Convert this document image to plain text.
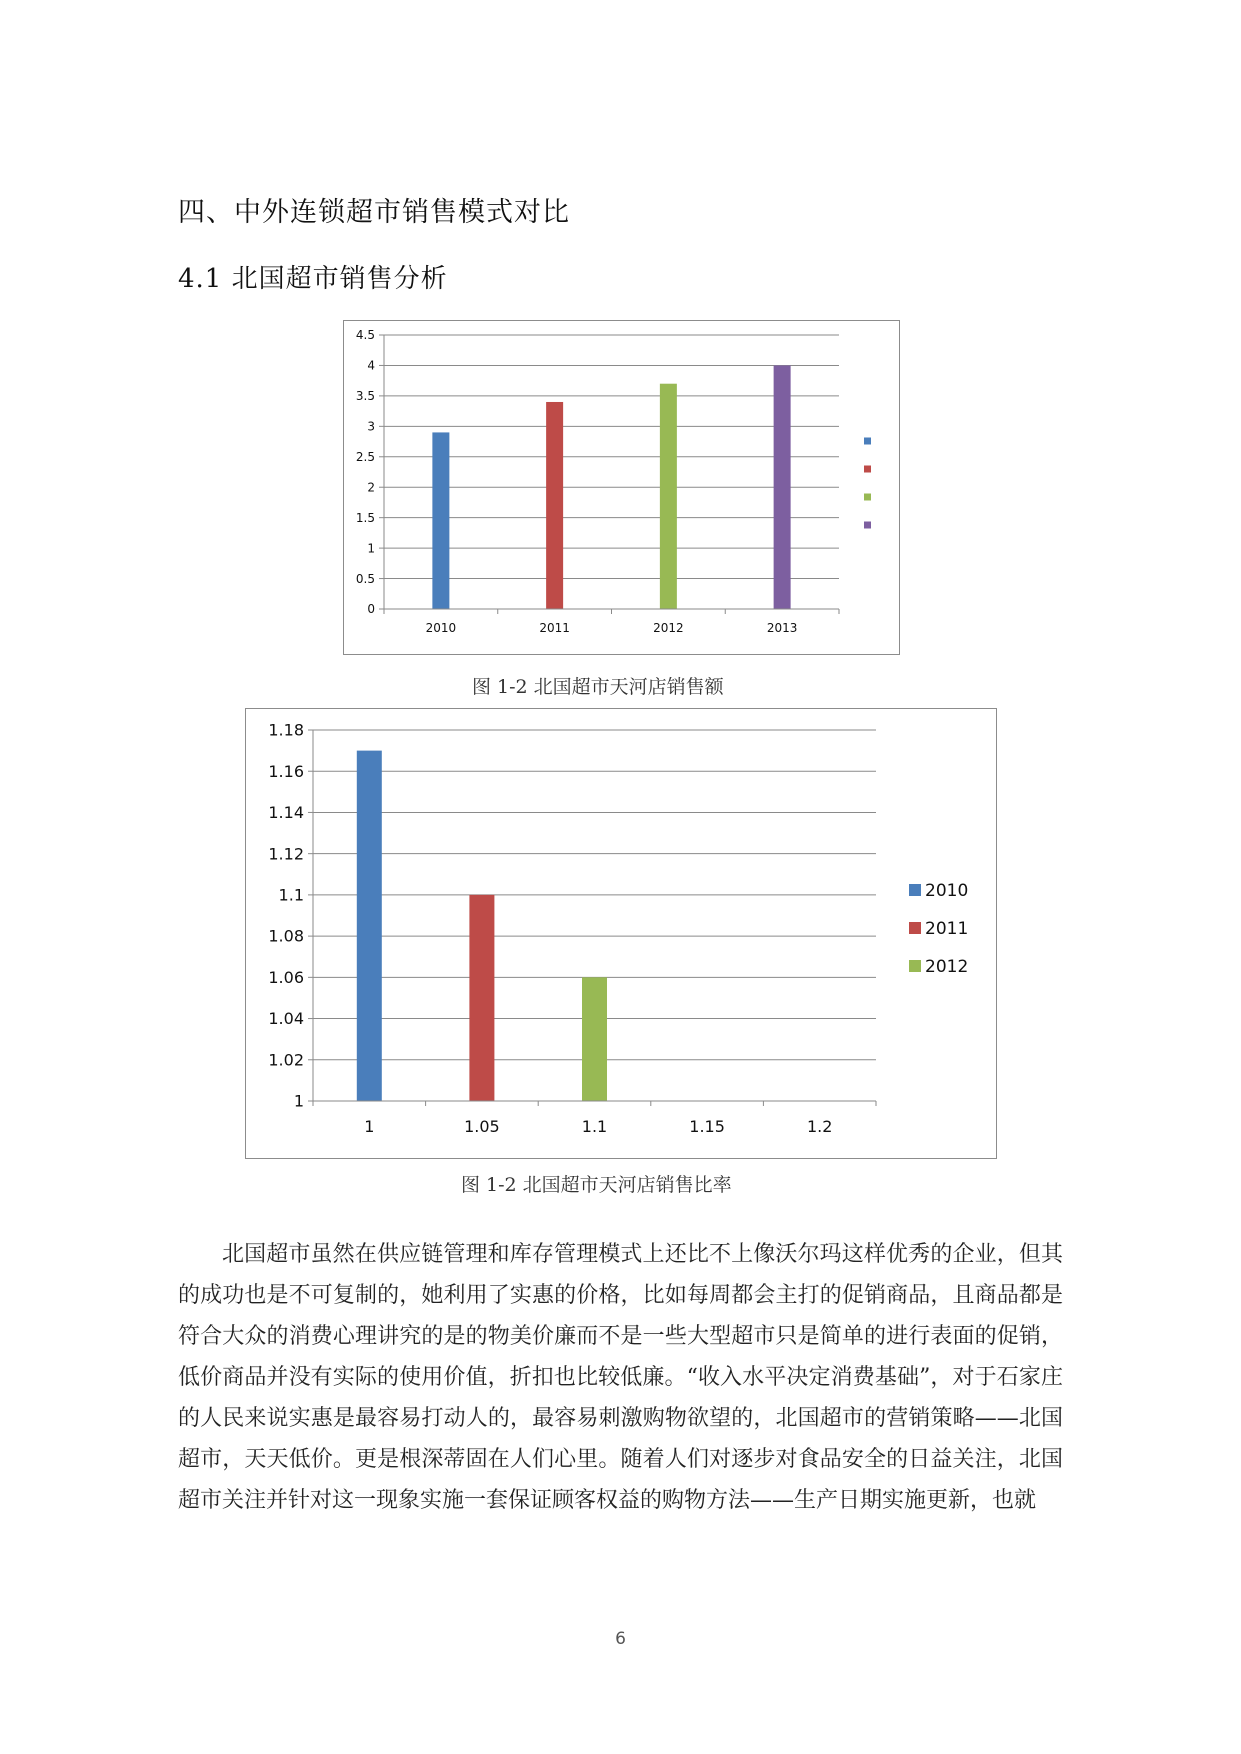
四、中外连锁超市销售模式对比
4.1 北国超市销售分析
0
0.5
1
1.5
2
2.5
3
3.5
4
4.5
2010	2011	2012	2013
图 1-2 北国超市天河店销售额
1
1.02
1.04
1.06
1.08
1.1
1.12
1.14
1.16
1.18
1	1.05	1.1	1.15	1.2
2010
2011
2012
图 1-2 北国超市天河店销售比率

北国超市虽然在供应链管理和库存管理模式上还比不上像沃尔玛这样优秀的企业，但其的成功也是不可复制的，她利用了实惠的价格，比如每周都会主打的促销商品，且商品都是符合大众的消费心理讲究的是的物美价廉而不是一些大型超市只是简单的进行表面的促销，低价商品并没有实际的使用价值，折扣也比较低廉。“收入水平决定消费基础”，对于石家庄的人民来说实惠是最容易打动人的，最容易刺激购物欲望的，北国超市的营销策略——北国超市，天天低价。更是根深蒂固在人们心里。随着人们对逐步对食品安全的日益关注，北国超市关注并针对这一现象实施一套保证顾客权益的购物方法——生产日期实施更新，也就

6
